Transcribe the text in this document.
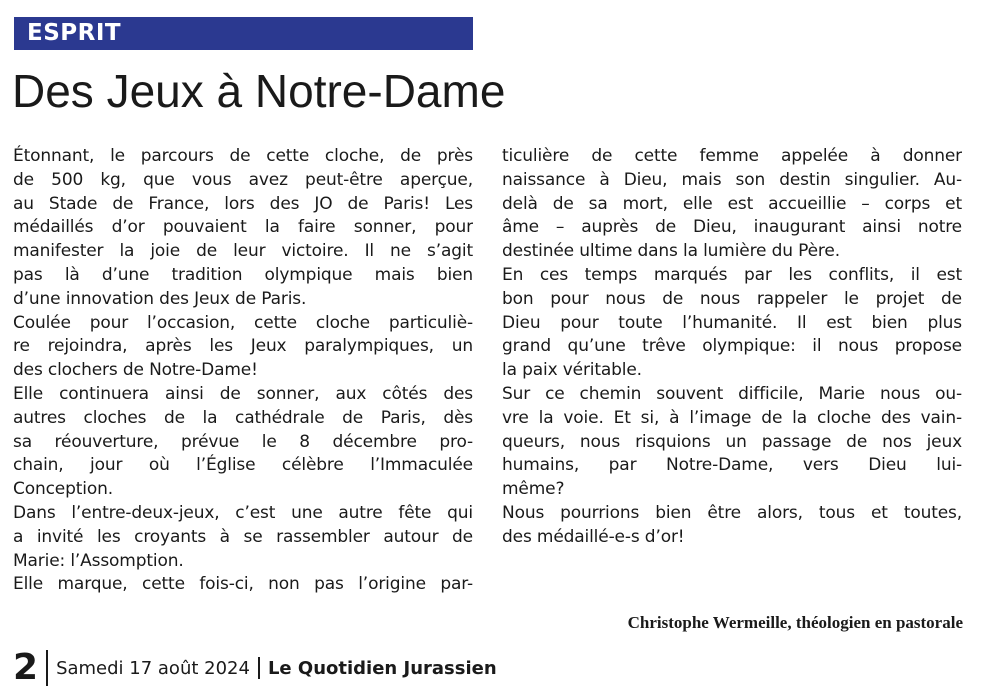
ESPRIT
Des Jeux à Notre-Dame
Étonnant, le parcours de cette cloche, de près
de 500 kg, que vous avez peut-être aperçue,
au Stade de France, lors des JO de Paris! Les
médaillés d’or pouvaient la faire sonner, pour
manifester la joie de leur victoire. Il ne s’agit
pas là d’une tradition olympique mais bien
d’une innovation des Jeux de Paris.
Coulée pour l’occasion, cette cloche particuliè-
re rejoindra, après les Jeux paralympiques, un
des clochers de Notre-Dame!
Elle continuera ainsi de sonner, aux côtés des
autres cloches de la cathédrale de Paris, dès
sa réouverture, prévue le 8 décembre pro-
chain, jour où l’Église célèbre l’Immaculée
Conception.
Dans l’entre-deux-jeux, c’est une autre fête qui
a invité les croyants à se rassembler autour de
Marie: l’Assomption.
Elle marque, cette fois-ci, non pas l’origine par-
ticulière de cette femme appelée à donner
naissance à Dieu, mais son destin singulier. Au-
delà de sa mort, elle est accueillie – corps et
âme – auprès de Dieu, inaugurant ainsi notre
destinée ultime dans la lumière du Père.
En ces temps marqués par les conflits, il est
bon pour nous de nous rappeler le projet de
Dieu pour toute l’humanité. Il est bien plus
grand qu’une trêve olympique: il nous propose
la paix véritable.
Sur ce chemin souvent difficile, Marie nous ou-
vre la voie. Et si, à l’image de la cloche des vain-
queurs, nous risquions un passage de nos jeux
humains, par Notre-Dame, vers Dieu lui-
même?
Nous pourrions bien être alors, tous et toutes,
des médaillé-e-s d’or!

Christophe Wermeille, théologien en pastorale

2 Samedi 17 août 2024 Le Quotidien Jurassien
